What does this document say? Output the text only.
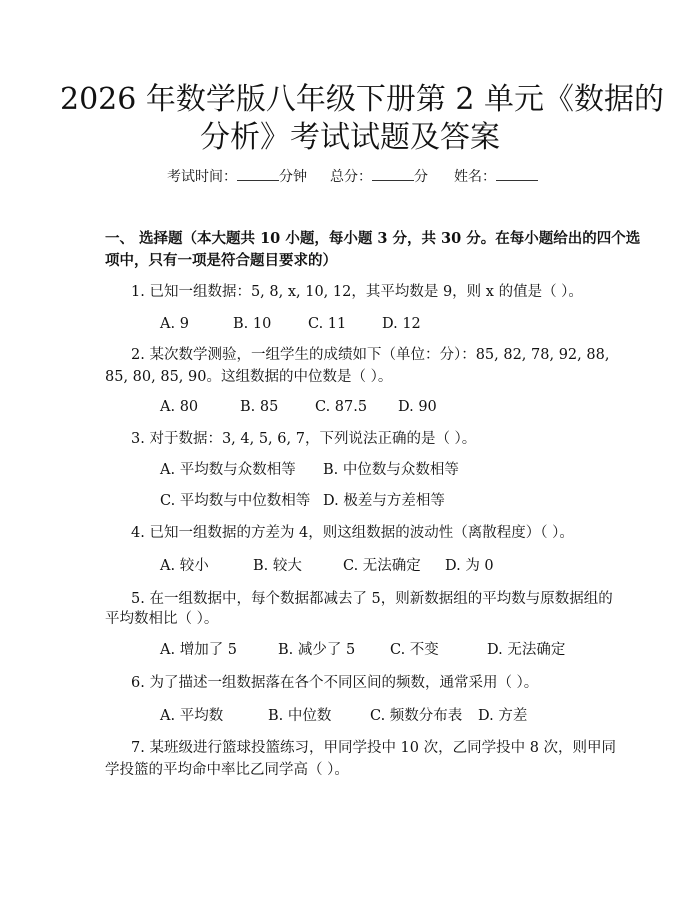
2026 年数学版八年级下册第 2 单元《数据的
分析》考试试题及答案
考试时间：	分钟 总分：	分 姓名：
一、 选择题（本大题共 10 小题，每小题 3 分，共 30 分。在每小题给出的四个选
项中，只有一项是符合题目要求的）
1. 已知一组数据：5, 8, x, 10, 12，其平均数是 9，则 x 的值是（ ）。
A. 9	B. 10	C. 11 D. 12
2. 某次数学测验，一组学生的成绩如下（单位：分）：85, 82, 78, 92, 88,
85, 80, 85, 90。这组数据的中位数是（ ）。
A. 80	B. 85	C. 87.5 D. 90
3. 对于数据：3, 4, 5, 6, 7，下列说法正确的是（ ）。
A. 平均数与众数相等 B. 中位数与众数相等
C. 平均数与中位数相等 D. 极差与方差相等
4. 已知一组数据的方差为 4，则这组数据的波动性（离散程度）（ ）。
A. 较小	B. 较大	C. 无法确定 D. 为 0
5. 在一组数据中，每个数据都减去了 5，则新数据组的平均数与原数据组的
平均数相比（ ）。
A. 增加了 5	B. 减少了 5 C. 不变	D. 无法确定
6. 为了描述一组数据落在各个不同区间的频数，通常采用（ ）。
A. 平均数	B. 中位数	C. 频数分布表 D. 方差
7. 某班级进行篮球投篮练习，甲同学投中 10 次，乙同学投中 8 次，则甲同
学投篮的平均命中率比乙同学高（ ）。
